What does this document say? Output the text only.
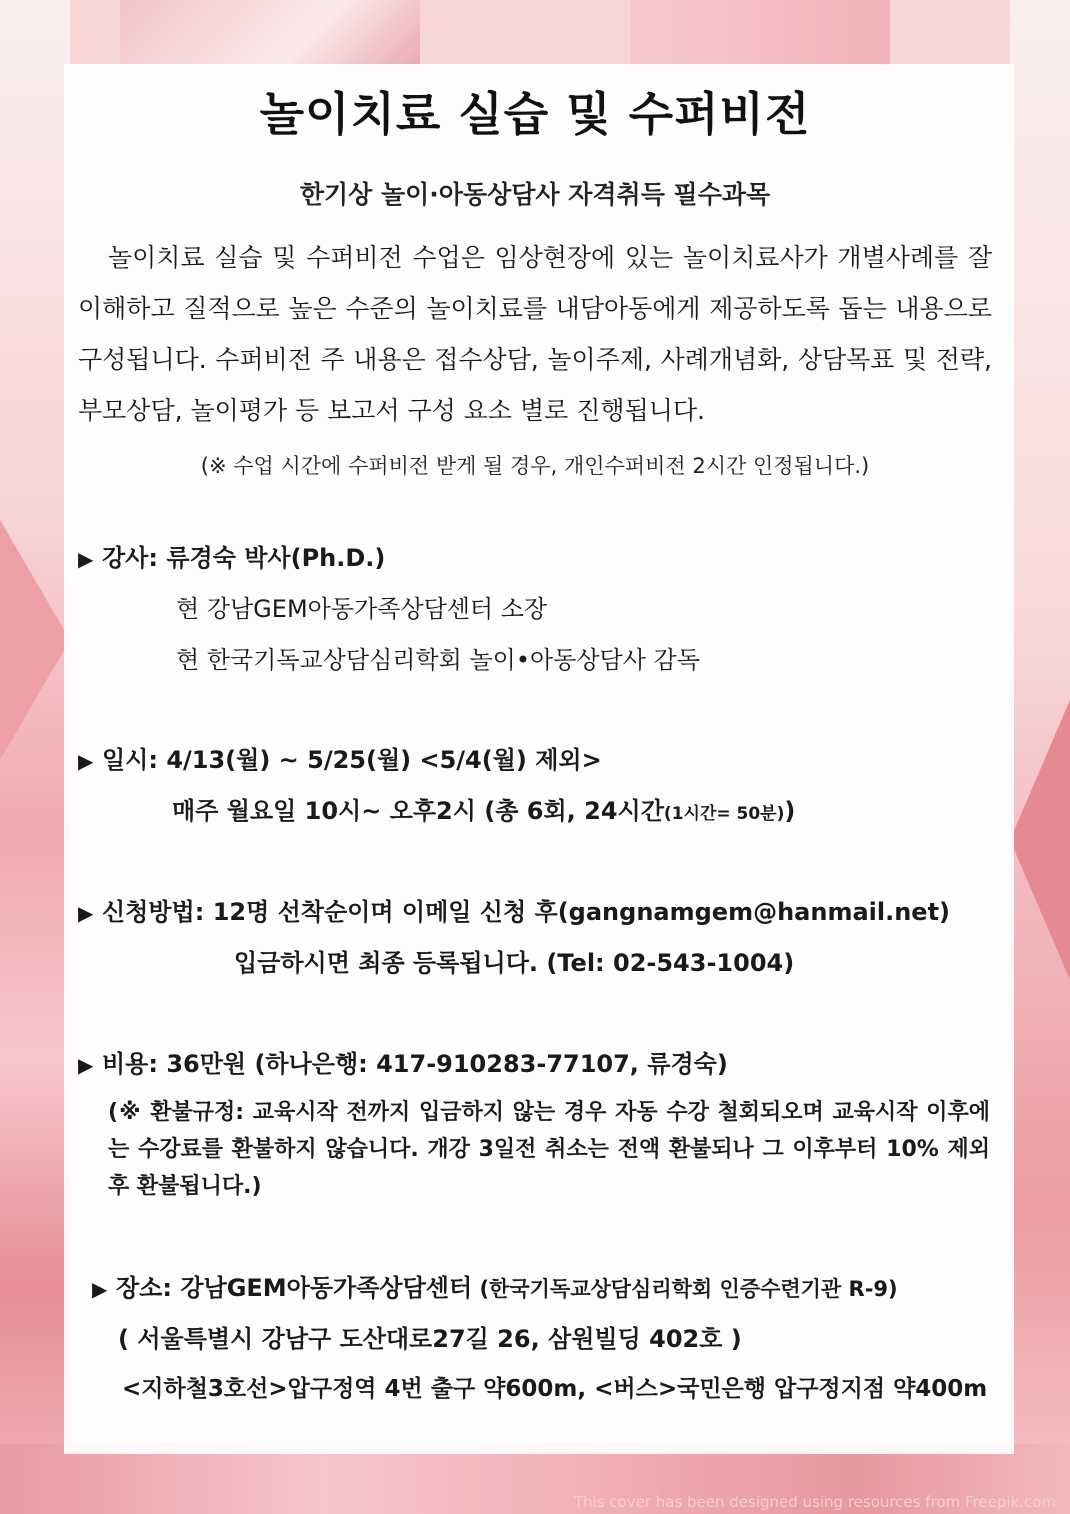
놀이치료 실습 및 수퍼비전
한기상 놀이·아동상담사 자격취득 필수과목
놀이치료 실습 및 수퍼비전 수업은 임상현장에 있는 놀이치료사가 개별사례를 잘 이해하고 질적으로 높은 수준의 놀이치료를 내담아동에게 제공하도록 돕는 내용으로 구성됩니다. 수퍼비전 주 내용은 접수상담, 놀이주제, 사례개념화, 상담목표 및 전략, 부모상담, 놀이평가 등 보고서 구성 요소 별로 진행됩니다.
(※ 수업 시간에 수퍼비전 받게 될 경우, 개인수퍼비전 2시간 인정됩니다.)
▶ 강사: 류경숙 박사(Ph.D.)
현 강남GEM아동가족상담센터 소장
현 한국기독교상담심리학회 놀이•아동상담사 감독
▶ 일시: 4/13(월) ~ 5/25(월) <5/4(월) 제외>
매주 월요일 10시~ 오후2시 (총 6회, 24시간(1시간= 50분))
▶ 신청방법: 12명 선착순이며 이메일 신청 후(gangnamgem@hanmail.net)
입금하시면 최종 등록됩니다. (Tel: 02-543-1004)
▶ 비용: 36만원 (하나은행: 417-910283-77107, 류경숙)
(※ 환불규정: 교육시작 전까지 입금하지 않는 경우 자동 수강 철회되오며 교육시작 이후에는 수강료를 환불하지 않습니다. 개강 3일전 취소는 전액 환불되나 그 이후부터 10% 제외 후 환불됩니다.)
▶ 장소: 강남GEM아동가족상담센터 (한국기독교상담심리학회 인증수련기관 R-9)
( 서울특별시 강남구 도산대로27길 26, 삼원빌딩 402호 )
<지하철3호선>압구정역 4번 출구 약600m, <버스>국민은행 압구정지점 약400m
This cover has been designed using resources from Freepik.com
